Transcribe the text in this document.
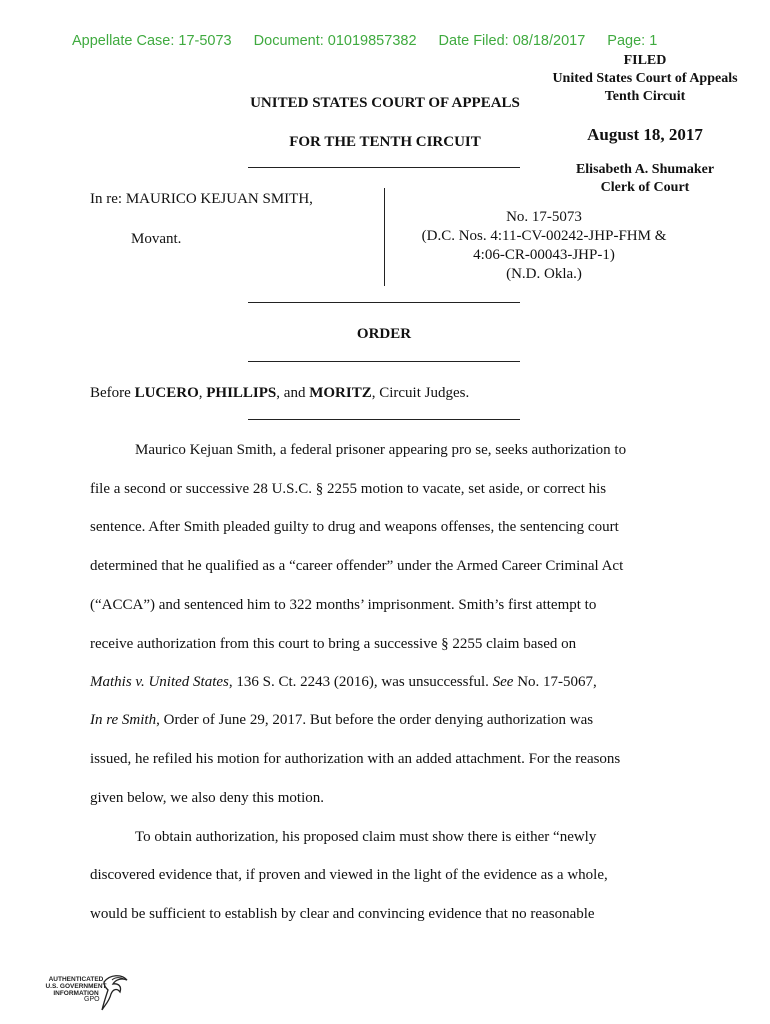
Appellate Case: 17-5073 Document: 01019857382 Date Filed: 08/18/2017 Page: 1
FILED
United States Court of Appeals
Tenth Circuit
August 18, 2017
Elisabeth A. Shumaker
Clerk of Court
UNITED STATES COURT OF APPEALS
FOR THE TENTH CIRCUIT
In re: MAURICO KEJUAN SMITH,
Movant.
No. 17-5073
(D.C. Nos. 4:11-CV-00242-JHP-FHM &
4:06-CR-00043-JHP-1)
(N.D. Okla.)
ORDER
Before LUCERO, PHILLIPS, and MORITZ, Circuit Judges.
Maurico Kejuan Smith, a federal prisoner appearing pro se, seeks authorization to
file a second or successive 28 U.S.C. § 2255 motion to vacate, set aside, or correct his
sentence. After Smith pleaded guilty to drug and weapons offenses, the sentencing court
determined that he qualified as a “career offender” under the Armed Career Criminal Act
(“ACCA”) and sentenced him to 322 months’ imprisonment. Smith’s first attempt to
receive authorization from this court to bring a successive § 2255 claim based on
Mathis v. United States, 136 S. Ct. 2243 (2016), was unsuccessful. See No. 17-5067,
In re Smith, Order of June 29, 2017. But before the order denying authorization was
issued, he refiled his motion for authorization with an added attachment. For the reasons
given below, we also deny this motion.
To obtain authorization, his proposed claim must show there is either “newly
discovered evidence that, if proven and viewed in the light of the evidence as a whole,
would be sufficient to establish by clear and convincing evidence that no reasonable
AUTHENTICATED
U.S. GOVERNMENT
INFORMATION
GPO
